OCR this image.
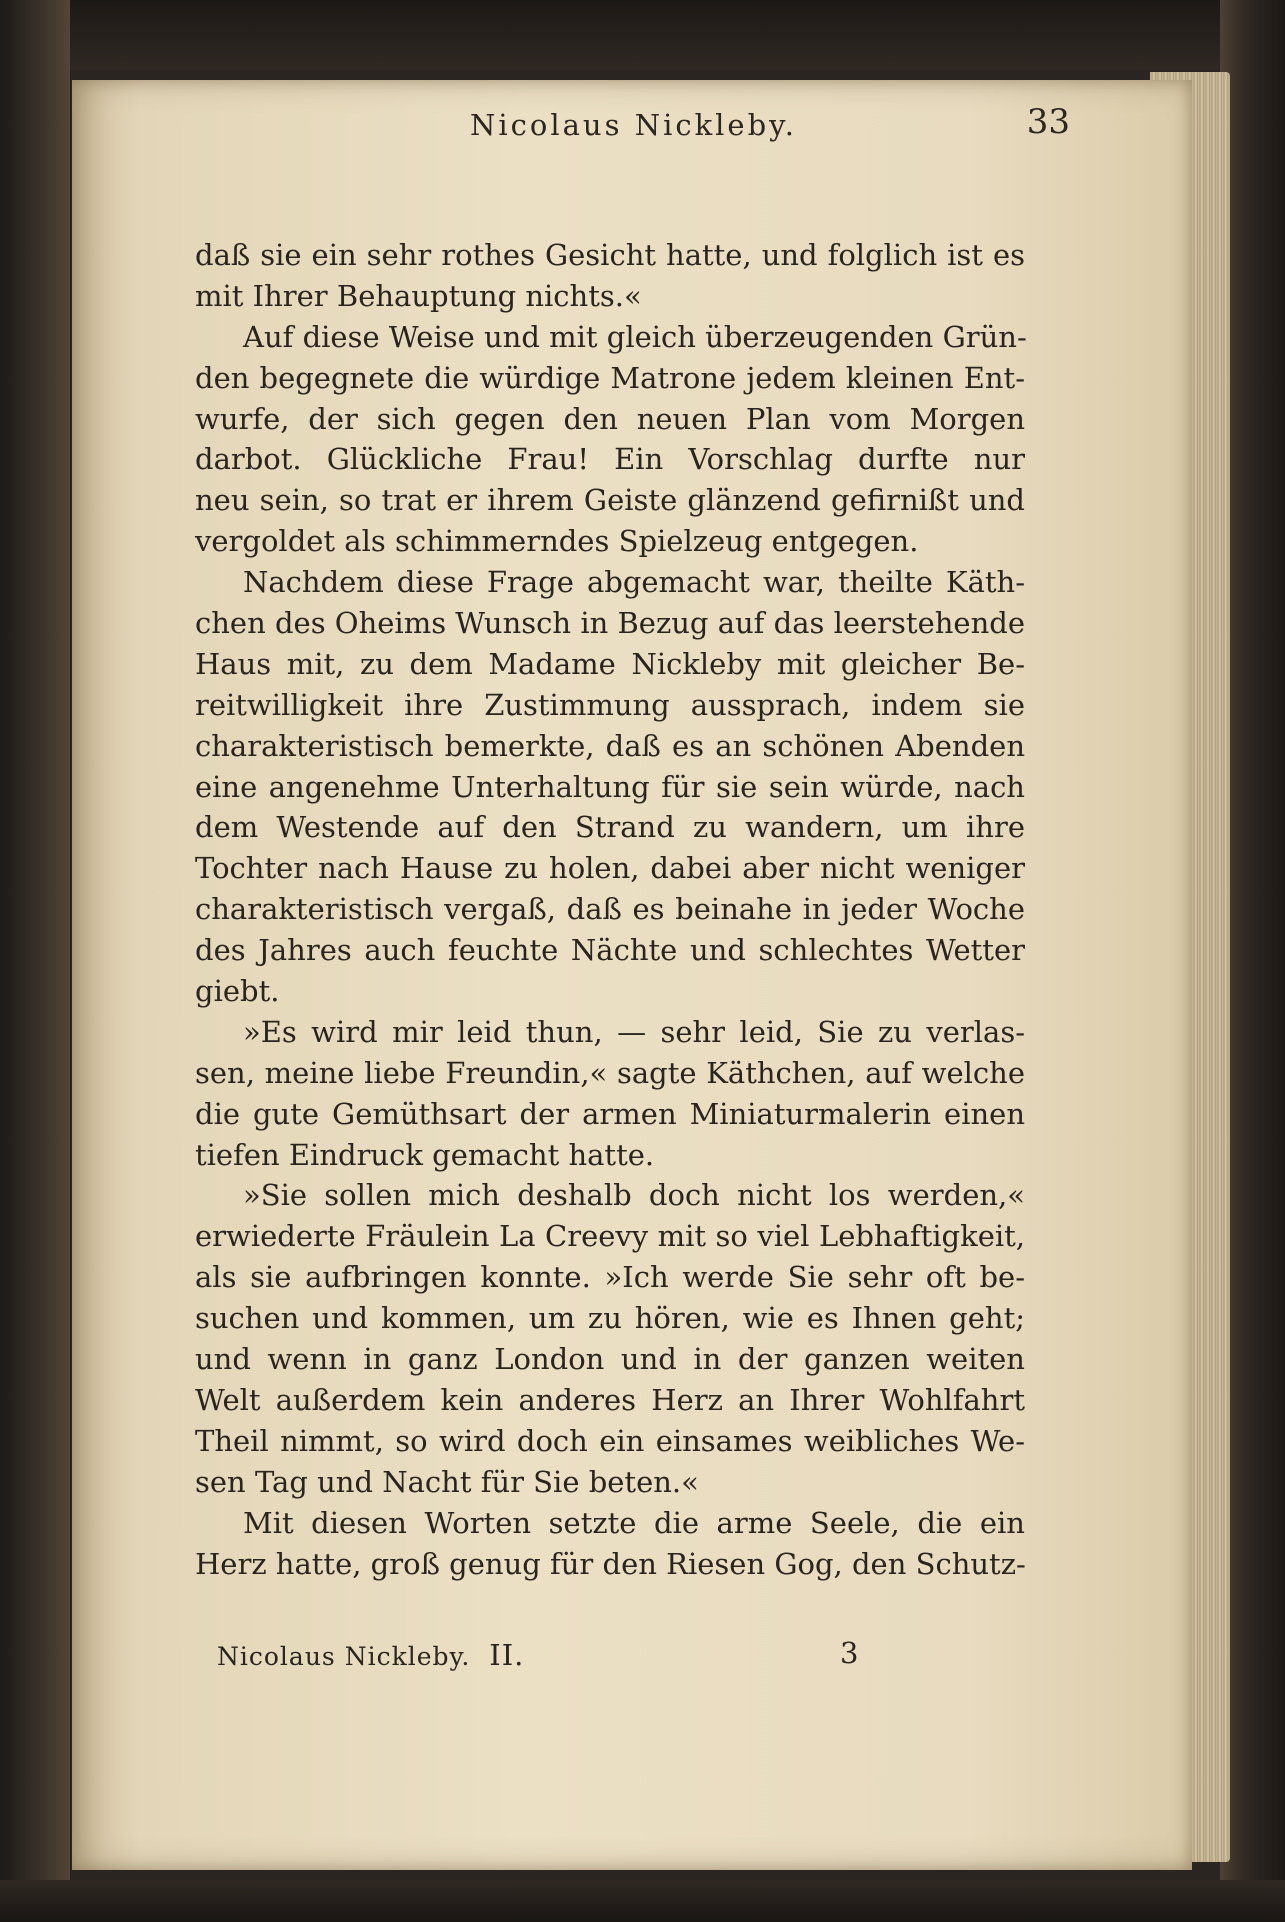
Nicolaus Nickleby.	33
daß sie ein sehr rothes Gesicht hatte, und folglich ist es
mit Ihrer Behauptung nichts.«
Auf diese Weise und mit gleich überzeugenden Grün-
den begegnete die würdige Matrone jedem kleinen Ent-
wurfe, der sich gegen den neuen Plan vom Morgen
darbot. Glückliche Frau! Ein Vorschlag durfte nur
neu sein, so trat er ihrem Geiste glänzend gefirnißt und
vergoldet als schimmerndes Spielzeug entgegen.
Nachdem diese Frage abgemacht war, theilte Käth-
chen des Oheims Wunsch in Bezug auf das leerstehende
Haus mit, zu dem Madame Nickleby mit gleicher Be-
reitwilligkeit ihre Zustimmung aussprach, indem sie
charakteristisch bemerkte, daß es an schönen Abenden
eine angenehme Unterhaltung für sie sein würde, nach
dem Westende auf den Strand zu wandern, um ihre
Tochter nach Hause zu holen, dabei aber nicht weniger
charakteristisch vergaß, daß es beinahe in jeder Woche
des Jahres auch feuchte Nächte und schlechtes Wetter
giebt.
»Es wird mir leid thun, — sehr leid, Sie zu verlas-
sen, meine liebe Freundin,« sagte Käthchen, auf welche
die gute Gemüthsart der armen Miniaturmalerin einen
tiefen Eindruck gemacht hatte.
»Sie sollen mich deshalb doch nicht los werden,«
erwiederte Fräulein La Creevy mit so viel Lebhaftigkeit,
als sie aufbringen konnte. »Ich werde Sie sehr oft be-
suchen und kommen, um zu hören, wie es Ihnen geht;
und wenn in ganz London und in der ganzen weiten
Welt außerdem kein anderes Herz an Ihrer Wohlfahrt
Theil nimmt, so wird doch ein einsames weibliches We-
sen Tag und Nacht für Sie beten.«
Mit diesen Worten setzte die arme Seele, die ein
Herz hatte, groß genug für den Riesen Gog, den Schutz-
Nicolaus Nickleby. II.	3
